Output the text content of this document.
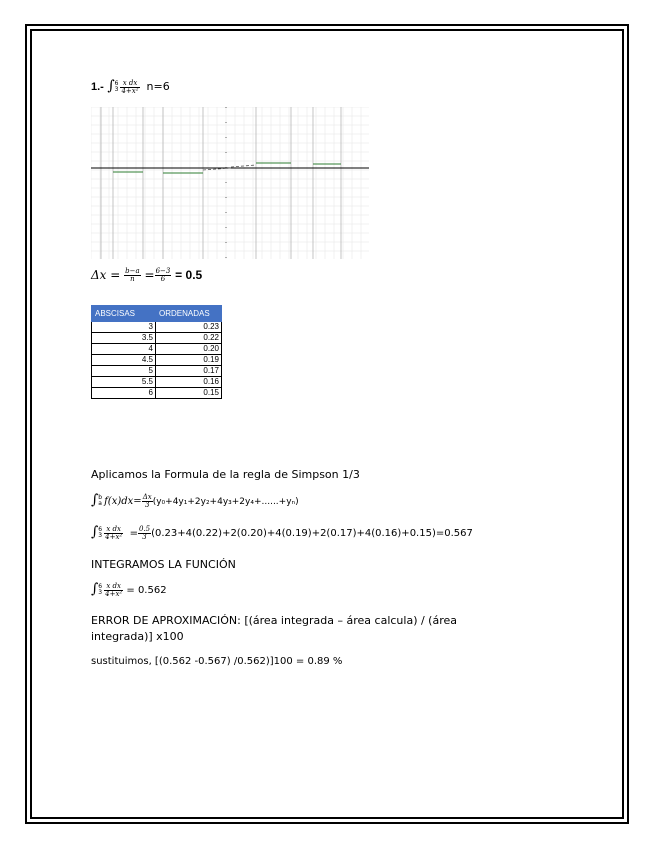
1.- ∫ 6
$3 \frac{\text{x dx}}{\text{4+x²}} n=6$
$\Delta x = \frac{b-a}{n} = \frac{6-3}{6} = 0.5$
ABSCISAS	ORDENADAS
3	0.23
3.5	0.22
4	0.20
4.5	0.19
5	0.17
5.5	0.16
6	0.15
Aplicamos la Formula de la regla de Simpson 1/3
∫ b
a $f(x)dx= \frac{\Delta x}{3} (y_0+4y_1+2y_2+4y_3+2y_4+......+y_n)$
∫ 6
$3 \frac{\text{x dx}}{\text{4+x²}} = \frac{0.5}{3} (0.23+4(0.22)+2(0.20)+4(0.19)+2(0.17)+4(0.16)+0.15)=0.567$
INTEGRAMOS LA FUNCIÓN
∫ 6
$3 \frac{\text{x dx}}{\text{4+x²}} = 0.562$
ERROR DE APROXIMACIÓN: [(área integrada – área calcula) / (área
integrada)] x100
sustituimos, [(0.562 -0.567) /0.562)]100 = 0.89 %
